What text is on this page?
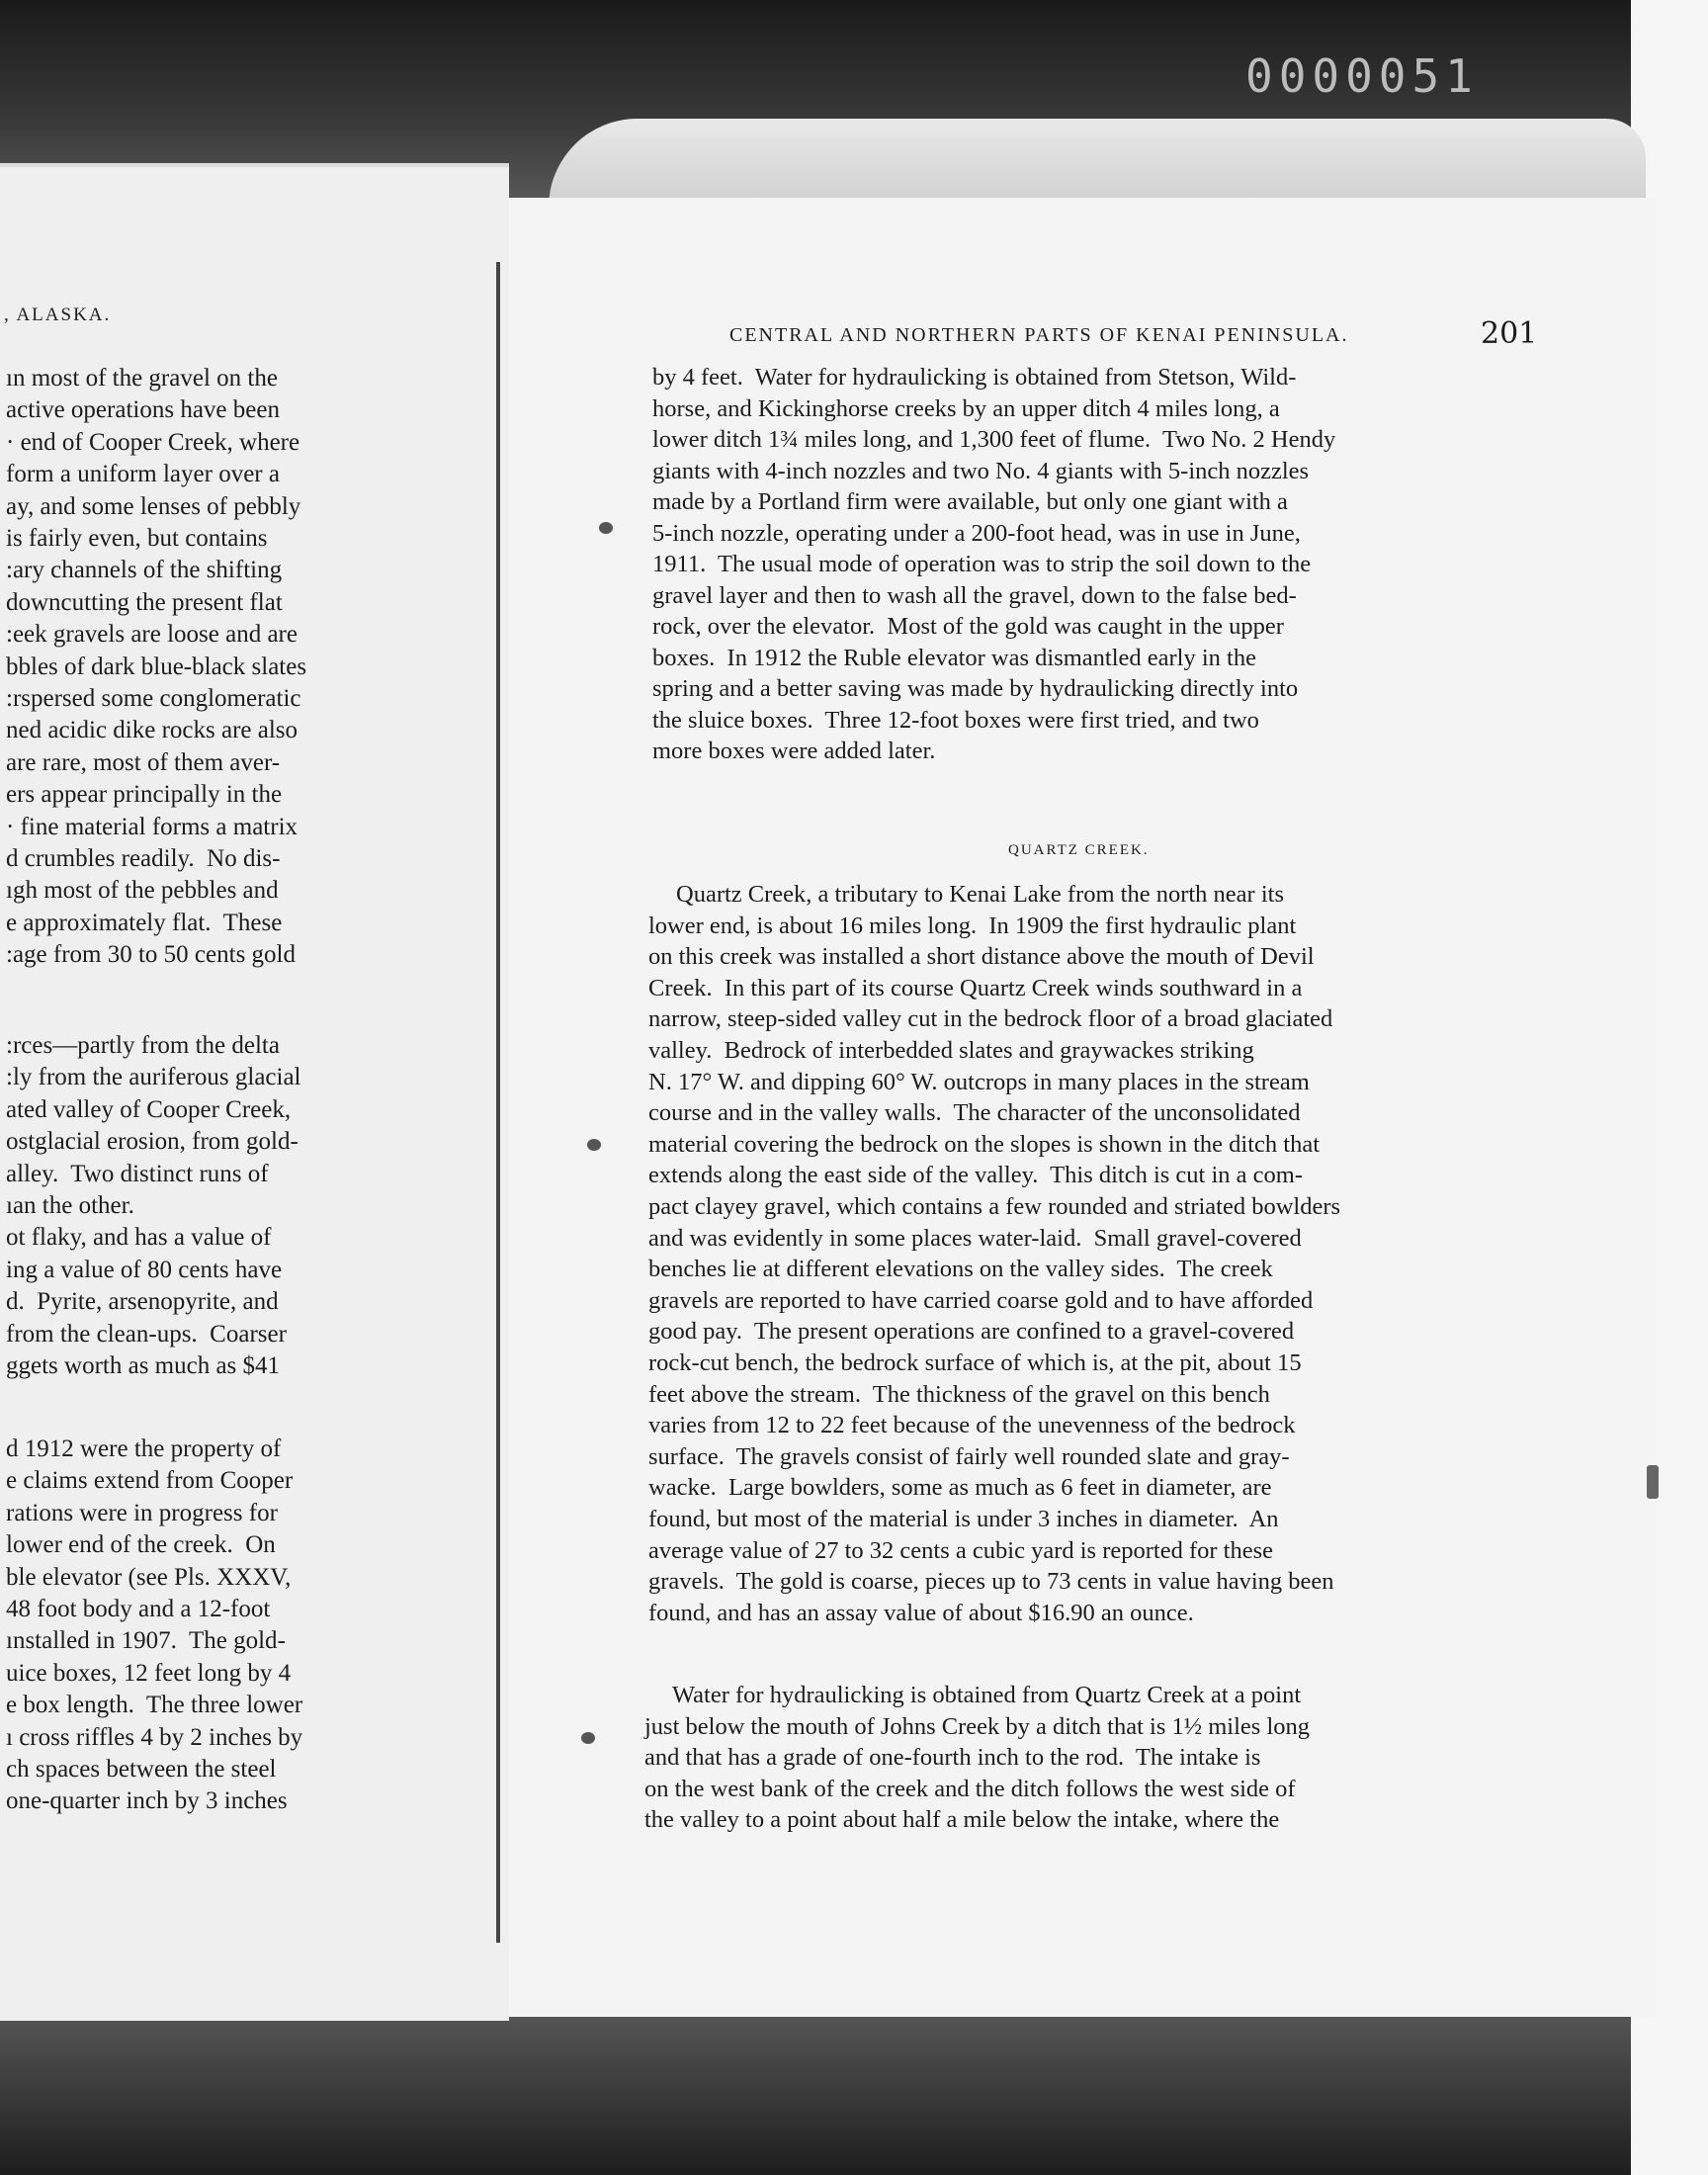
0000051
, ALASKA.
CENTRAL AND NORTHERN PARTS OF KENAI PENINSULA.	201
ın most of the gravel on the
active operations have been
· end of Cooper Creek, where
form a uniform layer over a
ay, and some lenses of pebbly
is fairly even, but contains
:ary channels of the shifting
downcutting the present flat
:eek gravels are loose and are
bbles of dark blue-black slates
:rspersed some conglomeratic
ned acidic dike rocks are also
are rare, most of them aver-
ers appear principally in the
· fine material forms a matrix
d crumbles readily.  No dis-
ıgh most of the pebbles and
e approximately flat.  These
:age from 30 to 50 cents gold
:rces—partly from the delta
:ly from the auriferous glacial
ated valley of Cooper Creek,
ostglacial erosion, from gold-
alley.  Two distinct runs of
ıan the other.
ot flaky, and has a value of
ing a value of 80 cents have
d.  Pyrite, arsenopyrite, and
from the clean-ups.  Coarser
ggets worth as much as $41
d 1912 were the property of
e claims extend from Cooper
rations were in progress for
lower end of the creek.  On
ble elevator (see Pls. XXXV,
48 foot body and a 12-foot
ınstalled in 1907.  The gold-
uice boxes, 12 feet long by 4
e box length.  The three lower
ı cross riffles 4 by 2 inches by
ch spaces between the steel
one-quarter inch by 3 inches
by 4 feet.  Water for hydraulicking is obtained from Stetson, Wild-
horse, and Kickinghorse creeks by an upper ditch 4 miles long, a
lower ditch 1¾ miles long, and 1,300 feet of flume.  Two No. 2 Hendy
giants with 4-inch nozzles and two No. 4 giants with 5-inch nozzles
made by a Portland firm were available, but only one giant with a
5-inch nozzle, operating under a 200-foot head, was in use in June,
1911.  The usual mode of operation was to strip the soil down to the
gravel layer and then to wash all the gravel, down to the false bed-
rock, over the elevator.  Most of the gold was caught in the upper
boxes.  In 1912 the Ruble elevator was dismantled early in the
spring and a better saving was made by hydraulicking directly into
the sluice boxes.  Three 12-foot boxes were first tried, and two
more boxes were added later.
Quartz Creek, a tributary to Kenai Lake from the north near its
lower end, is about 16 miles long.  In 1909 the first hydraulic plant
on this creek was installed a short distance above the mouth of Devil
Creek.  In this part of its course Quartz Creek winds southward in a
narrow, steep-sided valley cut in the bedrock floor of a broad glaciated
valley.  Bedrock of interbedded slates and graywackes striking
N. 17° W. and dipping 60° W. outcrops in many places in the stream
course and in the valley walls.  The character of the unconsolidated
material covering the bedrock on the slopes is shown in the ditch that
extends along the east side of the valley.  This ditch is cut in a com-
pact clayey gravel, which contains a few rounded and striated bowlders
and was evidently in some places water-laid.  Small gravel-covered
benches lie at different elevations on the valley sides.  The creek
gravels are reported to have carried coarse gold and to have afforded
good pay.  The present operations are confined to a gravel-covered
rock-cut bench, the bedrock surface of which is, at the pit, about 15
feet above the stream.  The thickness of the gravel on this bench
varies from 12 to 22 feet because of the unevenness of the bedrock
surface.  The gravels consist of fairly well rounded slate and gray-
wacke.  Large bowlders, some as much as 6 feet in diameter, are
found, but most of the material is under 3 inches in diameter.  An
average value of 27 to 32 cents a cubic yard is reported for these
gravels.  The gold is coarse, pieces up to 73 cents in value having been
found, and has an assay value of about $16.90 an ounce.
Water for hydraulicking is obtained from Quartz Creek at a point
just below the mouth of Johns Creek by a ditch that is 1½ miles long
and that has a grade of one-fourth inch to the rod.  The intake is
on the west bank of the creek and the ditch follows the west side of
the valley to a point about half a mile below the intake, where the
QUARTZ CREEK.
